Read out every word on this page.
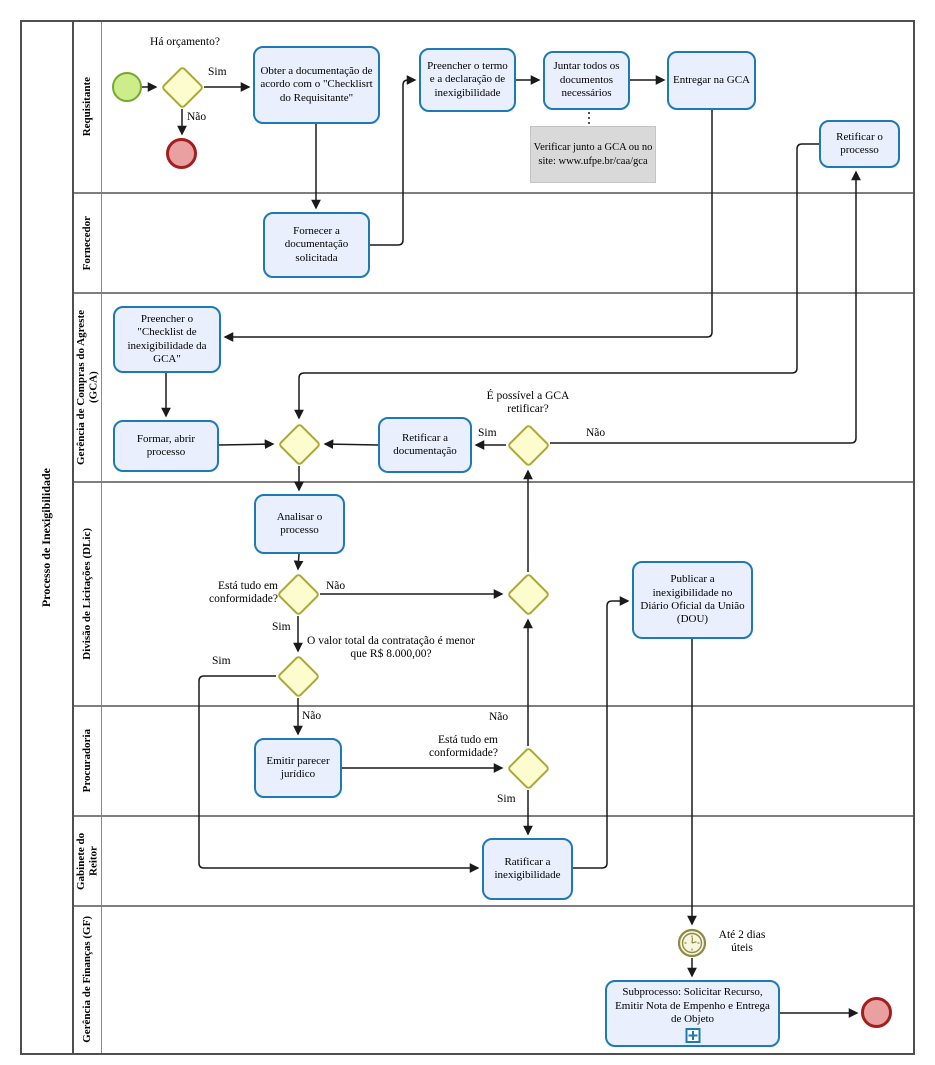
Processo de Inexigibilidade
Requisitante
Fornecedor
Gerência de Compras do Agreste (GCA)
Divisão de Licitações (DLic)
Procuradoria
Gabinete do Reitor
Gerência de Finanças (GF)
Obter a documentação de acordo com o "Checklisrt do Requisitante"
Preencher o termo e a declaração de inexigibilidade
Juntar todos os documentos necessários
Entregar na GCA
Verificar junto a GCA ou no site: www.ufpe.br/caa/gca
Retificar o processo
Fornecer a documentação solicitada
Preencher o "Checklist de inexigibilidade da GCA"
Formar, abrir processo
Retificar a documentação
Analisar o processo
Publicar a inexigibilidade no Diário Oficial da União (DOU)
Emitir parecer jurídico
Ratificar a inexigibilidade
Subprocesso: Solicitar Recurso, Emitir Nota de Empenho e Entrega de Objeto
Há orçamento?
Sim
Não
É possível a GCA retificar?
Sim	Não
Está tudo em conformidade?
Não
Sim
O valor total da contratação é menor que R$ 8.000,00?
Sim
Não
Está tudo em conformidade?
Não
Sim
Até 2 dias úteis
